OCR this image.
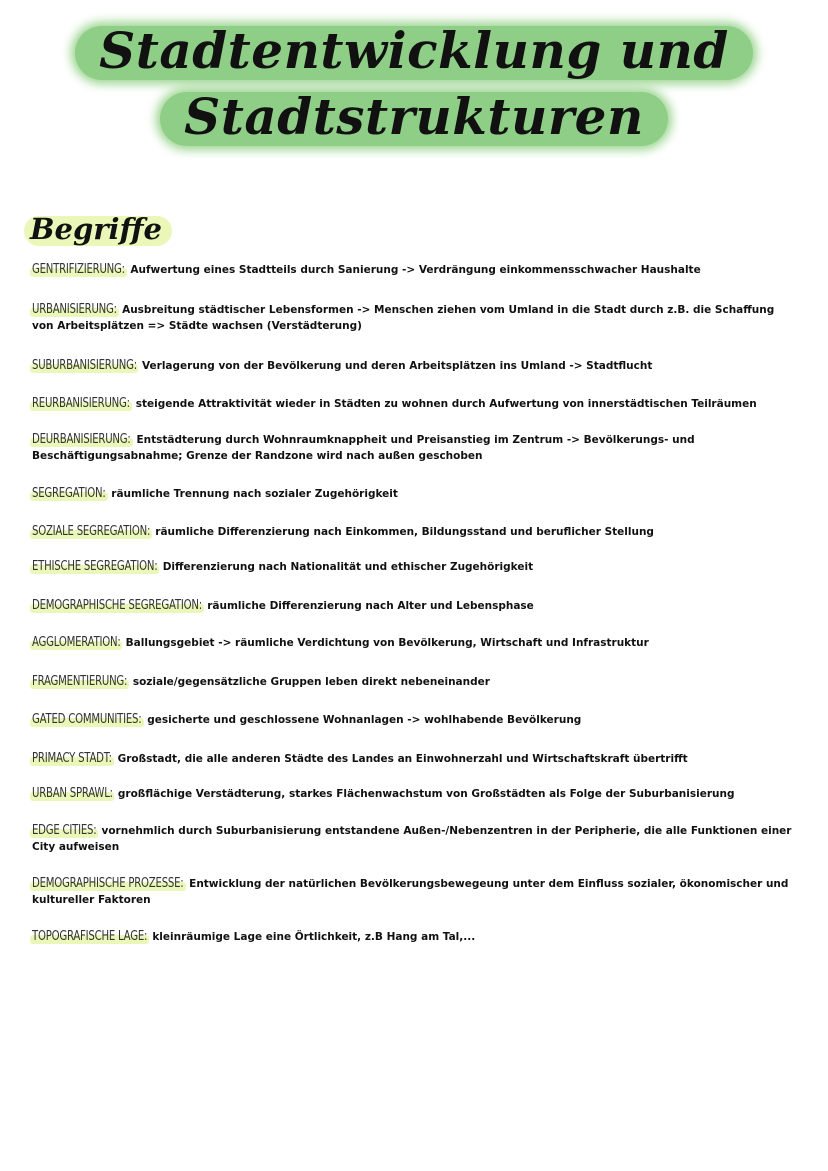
Stadtentwicklung und
Stadtstrukturen
Begriffe
GENTRIFIZIERUNG: Aufwertung eines Stadtteils durch Sanierung -> Verdrängung einkommensschwacher Haushalte
URBANISIERUNG: Ausbreitung städtischer Lebensformen -> Menschen ziehen vom Umland in die Stadt durch z.B. die Schaffung von Arbeitsplätzen => Städte wachsen (Verstädterung)
SUBURBANISIERUNG: Verlagerung von der Bevölkerung und deren Arbeitsplätzen ins Umland -> Stadtflucht
REURBANISIERUNG: steigende Attraktivität wieder in Städten zu wohnen durch Aufwertung von innerstädtischen Teilräumen
DEURBANISIERUNG: Entstädterung durch Wohnraumknappheit und Preisanstieg im Zentrum -> Bevölkerungs- und Beschäftigungsabnahme; Grenze der Randzone wird nach außen geschoben
SEGREGATION: räumliche Trennung nach sozialer Zugehörigkeit
SOZIALE SEGREGATION: räumliche Differenzierung nach Einkommen, Bildungsstand und beruflicher Stellung
ETHISCHE SEGREGATION: Differenzierung nach Nationalität und ethischer Zugehörigkeit
DEMOGRAPHISCHE SEGREGATION: räumliche Differenzierung nach Alter und Lebensphase
AGGLOMERATION: Ballungsgebiet -> räumliche Verdichtung von Bevölkerung, Wirtschaft und Infrastruktur
FRAGMENTIERUNG: soziale/gegensätzliche Gruppen leben direkt nebeneinander
GATED COMMUNITIES: gesicherte und geschlossene Wohnanlagen -> wohlhabende Bevölkerung
PRIMACY STADT: Großstadt, die alle anderen Städte des Landes an Einwohnerzahl und Wirtschaftskraft übertrifft
URBAN SPRAWL: großflächige Verstädterung, starkes Flächenwachstum von Großstädten als Folge der Suburbanisierung
EDGE CITIES: vornehmlich durch Suburbanisierung entstandene Außen-/Nebenzentren in der Peripherie, die alle Funktionen einer City aufweisen
DEMOGRAPHISCHE PROZESSE: Entwicklung der natürlichen Bevölkerungsbewegeung unter dem Einfluss sozialer, ökonomischer und kultureller Faktoren
TOPOGRAFISCHE LAGE: kleinräumige Lage eine Örtlichkeit, z.B Hang am Tal,...
